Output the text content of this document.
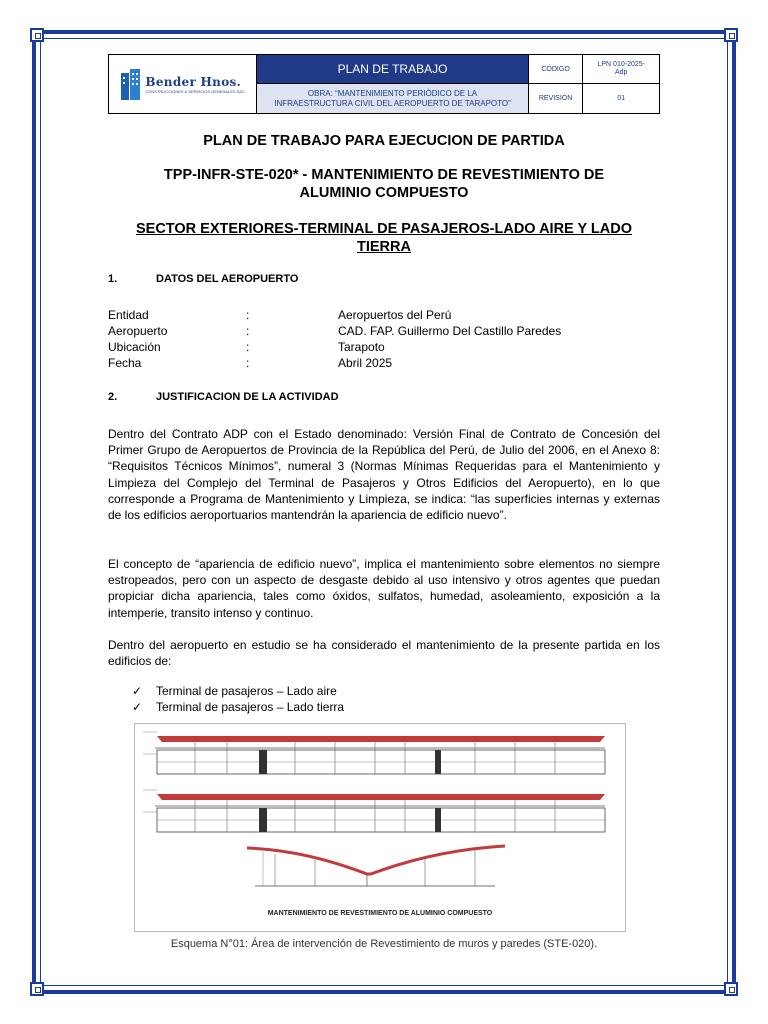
Bender Hnos.
CONSTRUCCIONES & SERVICIOS GENERALES SAC	PLAN DE TRABAJO	CÓDIGO	LPN 010-2025-
Adp
	OBRA: “MANTENIMIENTO PERIÓDICO DE LA
INFRAESTRUCTURA CIVIL DEL AEROPUERTO DE TARAPOTO”	REVISIÓN	01
PLAN DE TRABAJO PARA EJECUCION DE PARTIDA
TPP-INFR-STE-020* - MANTENIMIENTO DE REVESTIMIENTO DE
ALUMINIO COMPUESTO
SECTOR EXTERIORES-TERMINAL DE PASAJEROS-LADO AIRE Y LADO
TIERRA
1.	DATOS DEL AEROPUERTO
Entidad	:	Aeropuertos del Perú
Aeropuerto	:	CAD. FAP. Guillermo Del Castillo Paredes
Ubicación	:	Tarapoto
Fecha	:	Abril 2025
2.	JUSTIFICACION DE LA ACTIVIDAD
Dentro del Contrato ADP con el Estado denominado: Versión Final de Contrato de Concesión del Primer Grupo de Aeropuertos de Provincia de la República del Perú, de Julio del 2006, en el Anexo 8: “Requisitos Técnicos Mínimos”, numeral 3 (Normas Mínimas Requeridas para el Mantenimiento y Limpieza del Complejo del Terminal de Pasajeros y Otros Edificios del Aeropuerto), en lo que corresponde a Programa de Mantenimiento y Limpieza, se indica: “las superficies internas y externas de los edificios aeroportuarios mantendrán la apariencia de edificio nuevo”.
El concepto de “apariencia de edificio nuevo”, implica el mantenimiento sobre elementos no siempre estropeados, pero con un aspecto de desgaste debido al uso intensivo y otros agentes que puedan propiciar dicha apariencia, tales como óxidos, sulfatos, humedad, asoleamiento, exposición a la intemperie, transito intenso y continuo.
Dentro del aeropuerto en estudio se ha considerado el mantenimiento de la presente partida en los edificios de:
✓	Terminal de pasajeros – Lado aire
✓	Terminal de pasajeros – Lado tierra
MANTENIMIENTO DE REVESTIMIENTO DE ALUMINIO COMPUESTO
Esquema N°01: Área de intervención de Revestimiento de muros y paredes (STE-020).
